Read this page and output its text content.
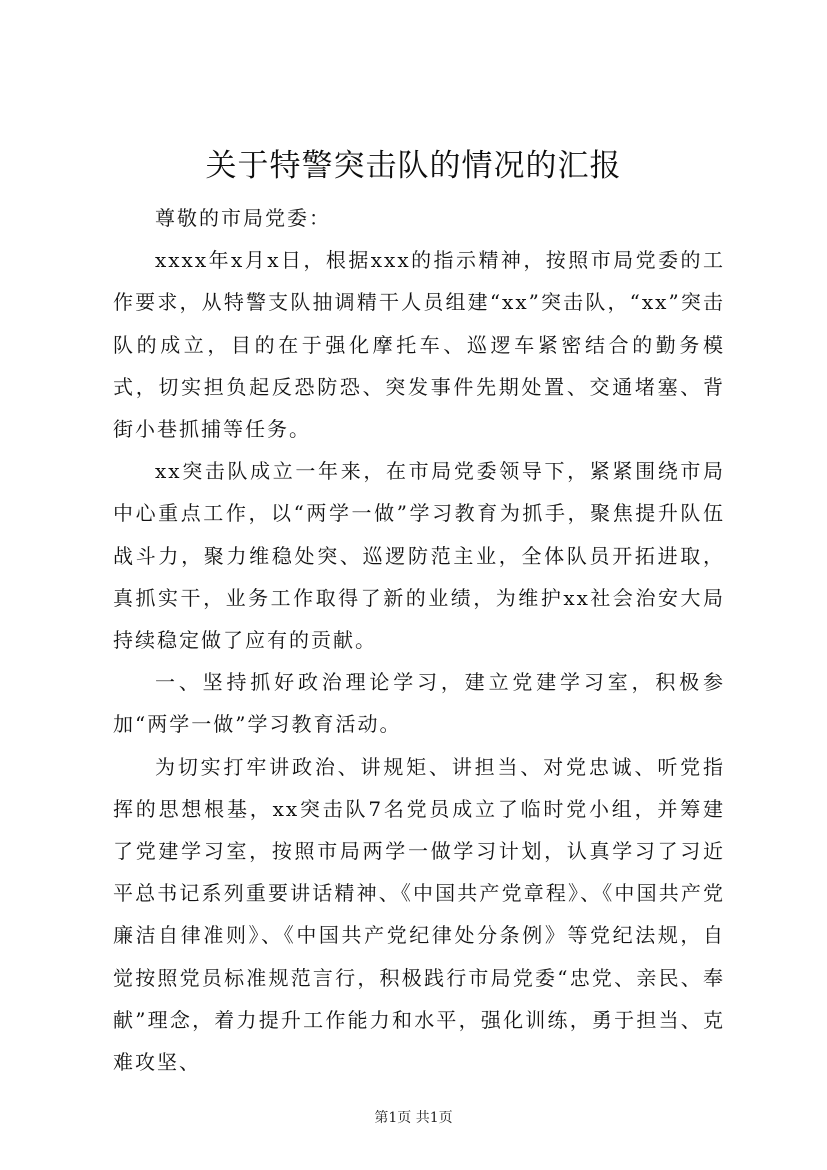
关于特警突击队的情况的汇报

尊敬的市局党委：

xxxx年x月x日，根据xxx的指示精神，按照市局党委的工作要求，从特警支队抽调精干人员组建“xx”突击队，“xx”突击队的成立，目的在于强化摩托车、巡逻车紧密结合的勤务模式，切实担负起反恐防恐、突发事件先期处置、交通堵塞、背街小巷抓捕等任务。

xx突击队成立一年来，在市局党委领导下，紧紧围绕市局中心重点工作，以“两学一做”学习教育为抓手，聚焦提升队伍战斗力，聚力维稳处突、巡逻防范主业，全体队员开拓进取，真抓实干，业务工作取得了新的业绩，为维护xx社会治安大局持续稳定做了应有的贡献。

一、坚持抓好政治理论学习，建立党建学习室，积极参加“两学一做”学习教育活动。

为切实打牢讲政治、讲规矩、讲担当、对党忠诚、听党指挥的思想根基，xx突击队7名党员成立了临时党小组，并筹建了党建学习室，按照市局两学一做学习计划，认真学习了习近平总书记系列重要讲话精神、《中国共产党章程》、《中国共产党廉洁自律准则》、《中国共产党纪律处分条例》等党纪法规，自觉按照党员标准规范言行，积极践行市局党委“忠党、亲民、奉献”理念，着力提升工作能力和水平，强化训练，勇于担当、克难攻坚、

第1页 共1页
